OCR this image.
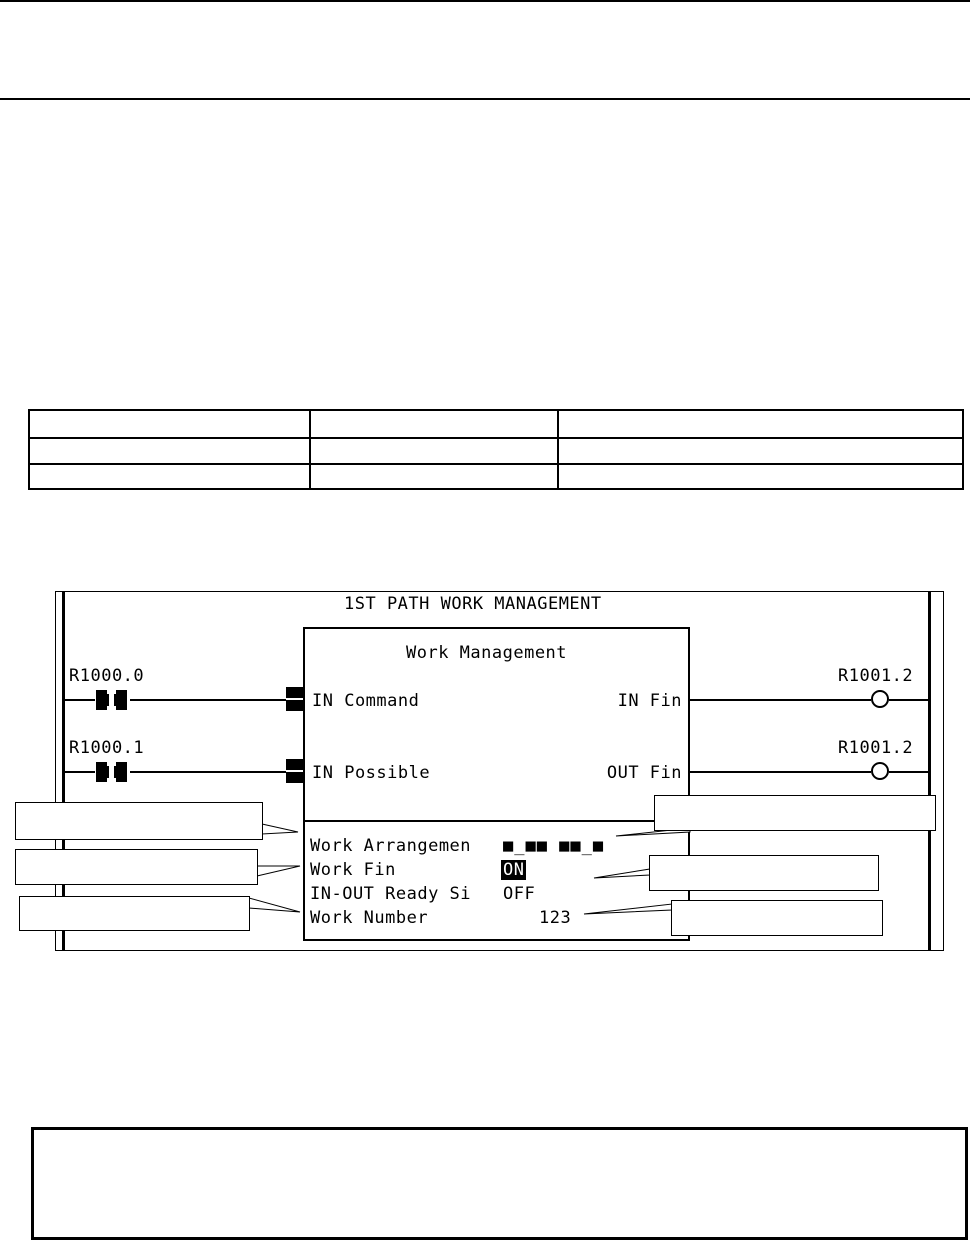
1ST PATH WORK MANAGEMENT
R1000.0	R1001.2
R1000.1	R1001.2
Work Management
IN Command
IN Possible
IN Fin
OUT Fin
Work Arrangemen ■_■■ ■■_■
Work Fin	ON
IN-OUT Ready Si OFF
Work Number	123
